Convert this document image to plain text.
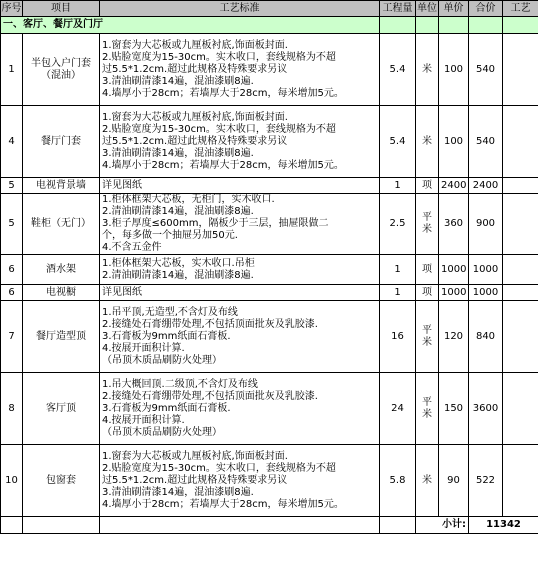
序号	项目	工艺标准	工程量	单位	单价	合价	工艺
一、客厅、餐厅及门厅							
1	半包入户门套（混油）	1.窗套为大芯板或九厘板衬底,饰面板封面.
2.贴脸宽度为15-30cm。实木收口，套线规格为不超
过5.5*1.2cm.超过此规格及特殊要求另议
3.清油刷清漆14遍，混油漆刷8遍.
4.墙厚小于28cm；若墙厚大于28cm，每米增加5元。	5.4	米	100	540	
4	餐厅门套	1.窗套为大芯板或九厘板衬底,饰面板封面.
2.贴脸宽度为15-30cm。实木收口，套线规格为不超
过5.5*1.2cm.超过此规格及特殊要求另议
3.清油刷清漆14遍，混油漆刷8遍.
4.墙厚小于28cm；若墙厚大于28cm，每米增加5元。	5.4	米	100	540	
5	电视背景墙	详见图纸	1	项	2400	2400	
5	鞋柜（无门）	1.柜体框架大芯板，无柜门，实木收口.
2.清油刷清漆14遍，混油刷漆8遍.
3.柜子厚度≤600mm，隔板少于三层，抽屉限做二
个，每多做一个抽屉另加50元.
4.不含五金件	2.5	平米	360	900	
6	酒水架	1.柜体框架大芯板，实木收口.吊柜
2.清油刷清漆14遍，混油刷漆8遍.	1	项	1000	1000	
6	电视橱	详见图纸	1	项	1000	1000	
7	餐厅造型顶	1.吊平顶,无造型,不含灯及布线
2.接缝处石膏绷带处理,不包括顶面批灰及乳胶漆.
3.石膏板为9mm纸面石膏板.
4.按展开面积计算.
（吊顶木质品刷防火处理）	16	平米	120	840	
8	客厅顶	1.吊大概回顶.二级顶,不含灯及布线
2.接缝处石膏绷带处理,不包括顶面批灰及乳胶漆.
3.石膏板为9mm纸面石膏板.
4.按展开面积计算.
（吊顶木质品刷防火处理）	24	平米	150	3600	
10	包窗套	1.窗套为大芯板或九厘板衬底,饰面板封面.
2.贴脸宽度为15-30cm。实木收口，套线规格为不超
过5.5*1.2cm.超过此规格及特殊要求另议
3.清油刷清漆14遍，混油漆刷8遍.
4.墙厚小于28cm；若墙厚大于28cm，每米增加5元。	5.8	米	90	522	
				小计:		11342	
